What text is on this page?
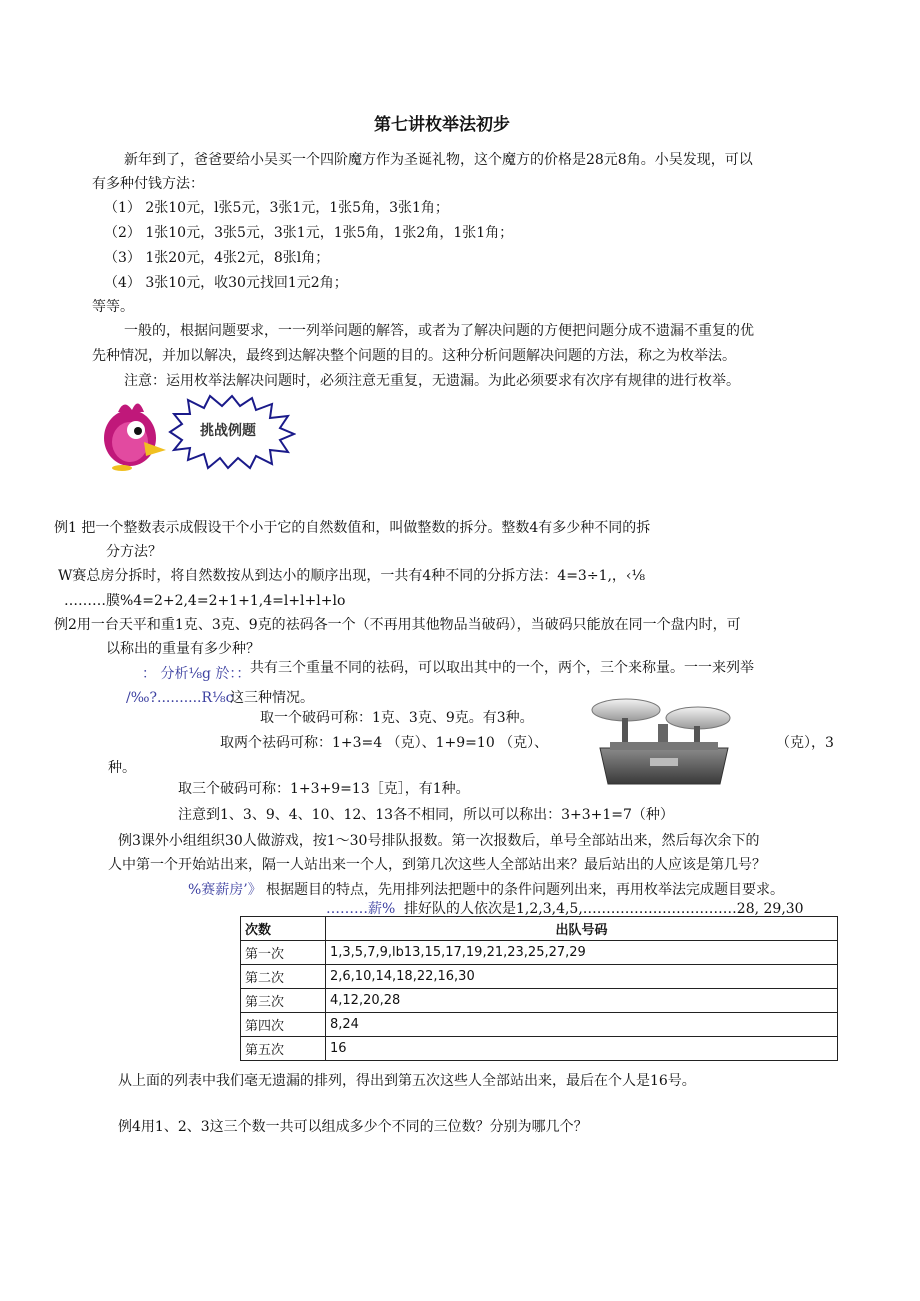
第七讲枚举法初步
新年到了，爸爸要给小吴买一个四阶魔方作为圣诞礼物，这个魔方的价格是28元8角。小吴发现，可以
有多种付钱方法：
（1） 2张10元，l张5元，3张1元，1张5角，3张1角；
（2） 1张10元，3张5元，3张1元，1张5角，1张2角，1张1角；
（3） 1张20元，4张2元，8张l角；
（4） 3张10元，收30元找回1元2角；
等等。
一般的，根据问题要求，一一列举问题的解答，或者为了解决问题的方便把问题分成不遗漏不重复的优
先种情况，并加以解决，最终到达解决整个问题的目的。这种分析问题解决问题的方法，称之为枚举法。
注意：运用枚举法解决问题时，必须注意无重复，无遗漏。为此必须要求有次序有规律的进行枚举。
挑战例题
例1 把一个整数表示成假设干个小于它的自然数值和，叫做整数的拆分。整数4有多少种不同的拆
分方法？
W赛总房分拆时，将自然数按从到达小的顺序出现，一共有4种不同的分拆方法：4=3÷1,，‹⅛
………膜%4=2+2,4=2+1+1,4=l+l+l+lo
例2用一台天平和重1克、3克、9克的祛码各一个（不再用其他物品当破码），当破码只能放在同一个盘内时，可
以称出的重量有多少种？
： 分析⅛g 於：： 共有三个重量不同的祛码，可以取出其中的一个，两个，三个来称量。一一来列举
/‰?..........R⅛c
这三种情况。
取一个破码可称：1克、3克、9克。有3种。
取两个祛码可称：1+3=4 （克）、1+9=10 （克）、	（克），3
种。
取三个破码可称：1+3+9=13［克］，有1种。
注意到1、3、9、4、10、12、13各不相同，所以可以称出：3+3+1=7（种）
例3课外小组组织30人做游戏，按1〜30号排队报数。第一次报数后，单号全部站出来，然后每次余下的
人中第一个开始站出来，隔一人站出来一个人，到第几次这些人全部站出来？最后站出的人应该是第几号？
%赛薪房’》 根据题目的特点，先用排列法把题中的条件问题列出来，再用枚举法完成题目要求。
………薪% 排好队的人依次是1,2,3,4,5,……………………………28, 29,30
次数	出队号码
第一次	1,3,5,7,9,lb13,15,17,19,21,23,25,27,29
第二次	2,6,10,14,18,22,16,30
第三次	4,12,20,28
第四次	8,24
第五次	16
从上面的列表中我们毫无遗漏的排列，得出到第五次这些人全部站出来，最后在个人是16号。
例4用1、2、3这三个数一共可以组成多少个不同的三位数？分别为哪几个？
